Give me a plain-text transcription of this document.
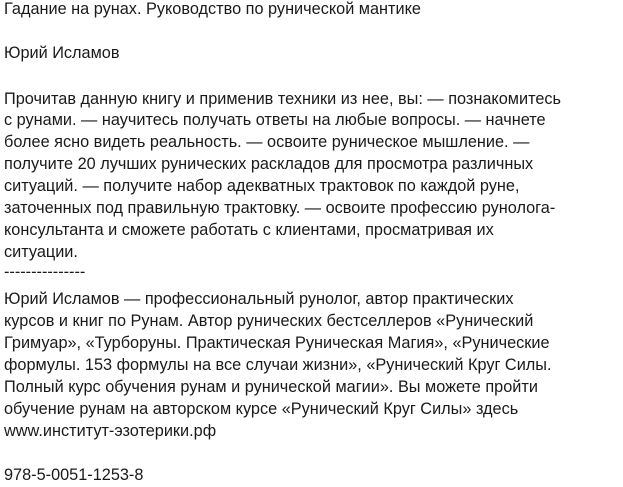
Гадание на рунах. Руководство по рунической мантике
Юрий Исламов
Прочитав данную книгу и применив техники из нее, вы: — познакомитесь
с рунами. — научитесь получать ответы на любые вопросы. — начнете
более ясно видеть реальность. — освоите руническое мышление. —
получите 20 лучших рунических раскладов для просмотра различных
ситуаций. — получите набор адекватных трактовок по каждой руне,
заточенных под правильную трактовку. — освоите профессию рунолога-
консультанта и сможете работать с клиентами, просматривая их
ситуации.
---------------
Юрий Исламов — профессиональный рунолог, автор практических
курсов и книг по Рунам. Автор рунических бестселлеров «Рунический
Гримуар», «Турборуны. Практическая Руническая Магия», «Рунические
формулы. 153 формулы на все случаи жизни», «Рунический Круг Силы.
Полный курс обучения рунам и рунической магии». Вы можете пройти
обучение рунам на авторском курсе «Рунический Круг Силы» здесь
www.институт-эзотерики.рф
978-5-0051-1253-8
